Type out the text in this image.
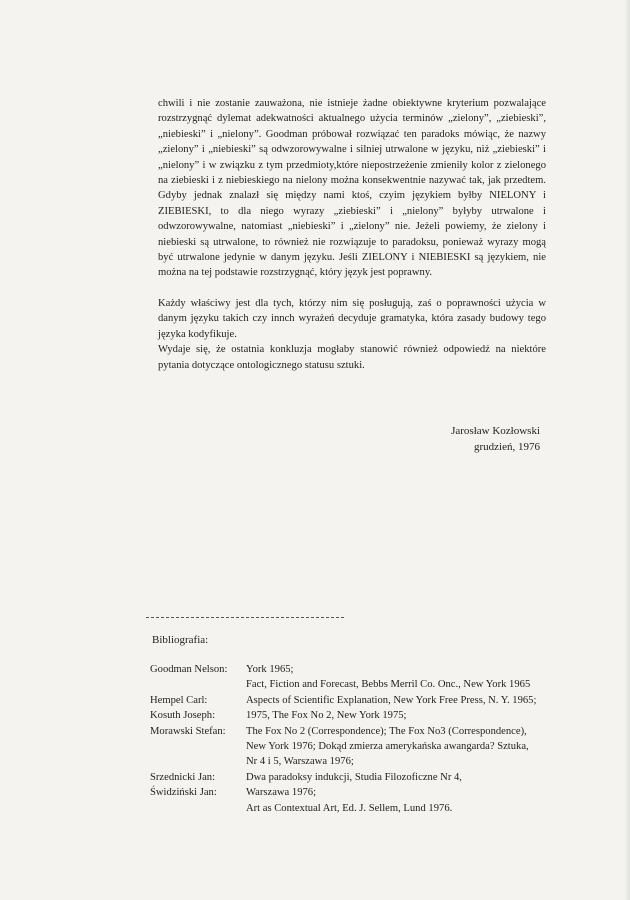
chwili i nie zostanie zauważona, nie istnieje żadne obiektywne kryterium pozwalające rozstrzygnąć dylemat adekwatności aktualnego użycia terminów „zielony”, „ziebieski”, „niebieski” i „nielony”. Goodman próbował rozwiązać ten paradoks mówiąc, że nazwy „zielony” i „niebieski” są odwzorowywalne i silniej utrwalone w języku, niż „ziebieski” i „nielony” i w związku z tym przedmioty,które niepostrzeżenie zmieniły kolor z zielonego na ziebieski i z niebieskiego na nielony można konsekwentnie nazywać tak, jak przedtem. Gdyby jednak znalazł się między nami ktoś, czyim językiem byłby NIELONY i ZIEBIESKI, to dla niego wyrazy „ziebieski” i „nielony” byłyby utrwalone i odwzorowywalne, natomiast „niebieski” i „zielony” nie. Jeżeli powiemy, że zielony i niebieski są utrwalone, to również nie rozwiązuje to paradoksu, ponieważ wyrazy mogą być utrwalone jedynie w danym języku. Jeśli ZIELONY i NIEBIESKI są językiem, nie można na tej podstawie rozstrzygnąć, który język jest poprawny.

Każdy właściwy jest dla tych, którzy nim się posługują, zaś o poprawności użycia w danym języku takich czy innch wyrażeń decyduje gramatyka, która zasady budowy tego języka kodyfikuje.

Wydaje się, że ostatnia konkluzja mogłaby stanowić również odpowiedź na niektóre pytania dotyczące ontologicznego statusu sztuki.

Jarosław Kozłowski
grudzień, 1976
Bibliografia:
Goodman Nelson:	York 1965;
Fact, Fiction and Forecast, Bebbs Merril Co. Onc., New York 1965
Hempel Carl:	Aspects of Scientific Explanation, New York Free Press, N. Y. 1965;
Kosuth Joseph:	1975, The Fox No 2, New York 1975;
Morawski Stefan:	The Fox No 2 (Correspondence); The Fox No3 (Correspondence), New York 1976; Dokąd zmierza amerykańska awangarda? Sztuka, Nr 4 i 5, Warszawa 1976;
Srzednicki Jan:	Dwa paradoksy indukcji, Studia Filozoficzne Nr 4,
Świdziński Jan:	Warszawa 1976;
Art as Contextual Art, Ed. J. Sellem, Lund 1976.
